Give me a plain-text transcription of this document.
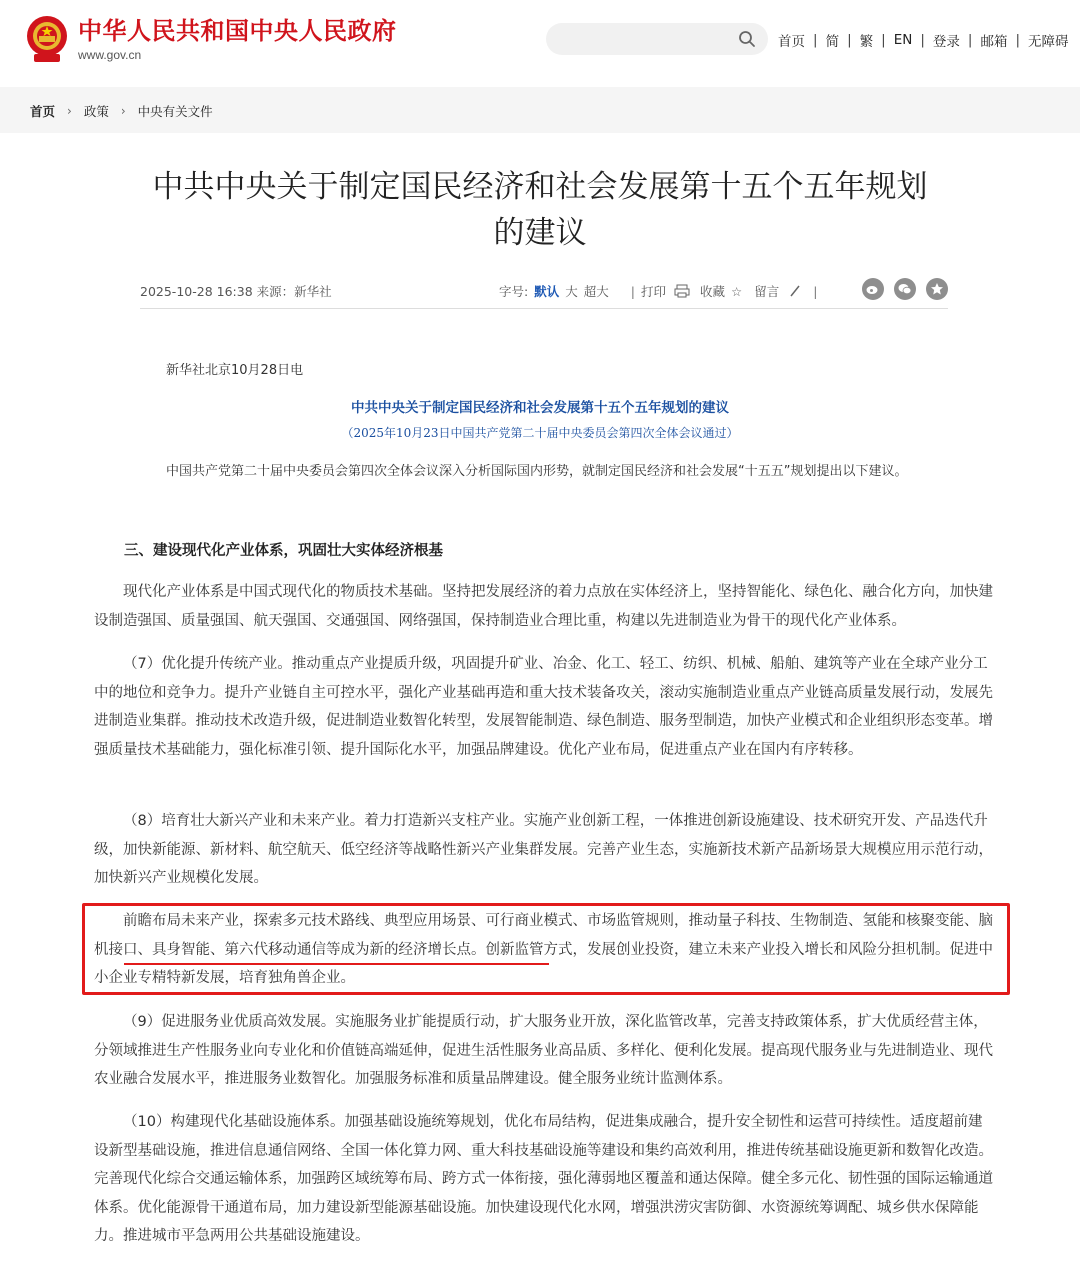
中华人民共和国中央人民政府
www.gov.cn
首页 | 简 | 繁 | EN | 登录 | 邮箱 | 无障碍
首页 › 政策 › 中央有关文件
中共中央关于制定国民经济和社会发展第十五个五年规划
的建议
2025-10-28 16:38 来源：新华社	字号: 默认 大 超大 | 打印	收藏 ☆ 留言	|
新华社北京10月28日电
中共中央关于制定国民经济和社会发展第十五个五年规划的建议
（2025年10月23日中国共产党第二十届中央委员会第四次全体会议通过）
中国共产党第二十届中央委员会第四次全体会议深入分析国际国内形势，就制定国民经济和社会发展“十五五”规划提出以下建议。
三、建设现代化产业体系，巩固壮大实体经济根基
现代化产业体系是中国式现代化的物质技术基础。坚持把发展经济的着力点放在实体经济上，坚持智能化、绿色化、融合化方向，加快建设制造强国、质量强国、航天强国、交通强国、网络强国，保持制造业合理比重，构建以先进制造业为骨干的现代化产业体系。
（7）优化提升传统产业。推动重点产业提质升级，巩固提升矿业、冶金、化工、轻工、纺织、机械、船舶、建筑等产业在全球产业分工中的地位和竞争力。提升产业链自主可控水平，强化产业基础再造和重大技术装备攻关，滚动实施制造业重点产业链高质量发展行动，发展先进制造业集群。推动技术改造升级，促进制造业数智化转型，发展智能制造、绿色制造、服务型制造，加快产业模式和企业组织形态变革。增强质量技术基础能力，强化标准引领、提升国际化水平，加强品牌建设。优化产业布局，促进重点产业在国内有序转移。
（8）培育壮大新兴产业和未来产业。着力打造新兴支柱产业。实施产业创新工程，一体推进创新设施建设、技术研究开发、产品迭代升级，加快新能源、新材料、航空航天、低空经济等战略性新兴产业集群发展。完善产业生态，实施新技术新产品新场景大规模应用示范行动，加快新兴产业规模化发展。
前瞻布局未来产业，探索多元技术路线、典型应用场景、可行商业模式、市场监管规则，推动量子科技、生物制造、氢能和核聚变能、脑机接口、具身智能、第六代移动通信等成为新的经济增长点。创新监管方式，发展创业投资，建立未来产业投入增长和风险分担机制。促进中小企业专精特新发展，培育独角兽企业。
（9）促进服务业优质高效发展。实施服务业扩能提质行动，扩大服务业开放，深化监管改革，完善支持政策体系，扩大优质经营主体，分领域推进生产性服务业向专业化和价值链高端延伸，促进生活性服务业高品质、多样化、便利化发展。提高现代服务业与先进制造业、现代农业融合发展水平，推进服务业数智化。加强服务标准和质量品牌建设。健全服务业统计监测体系。
（10）构建现代化基础设施体系。加强基础设施统筹规划，优化布局结构，促进集成融合，提升安全韧性和运营可持续性。适度超前建设新型基础设施，推进信息通信网络、全国一体化算力网、重大科技基础设施等建设和集约高效利用，推进传统基础设施更新和数智化改造。完善现代化综合交通运输体系，加强跨区域统筹布局、跨方式一体衔接，强化薄弱地区覆盖和通达保障。健全多元化、韧性强的国际运输通道体系。优化能源骨干通道布局，加力建设新型能源基础设施。加快建设现代化水网，增强洪涝灾害防御、水资源统筹调配、城乡供水保障能力。推进城市平急两用公共基础设施建设。
